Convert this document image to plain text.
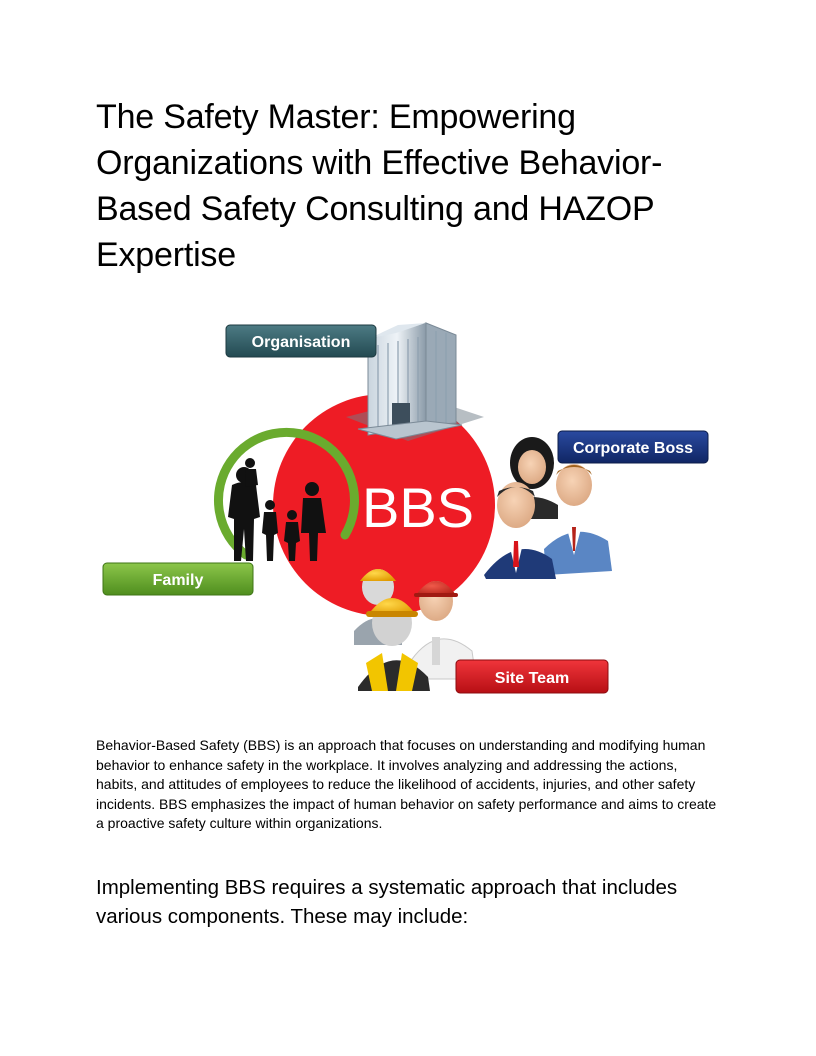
The Safety Master: Empowering Organizations with Effective Behavior-Based Safety Consulting and HAZOP Expertise
BBS
Organisation
Corporate Boss
Family
Site Team

Behavior-Based Safety (BBS) is an approach that focuses on understanding and modifying human behavior to enhance safety in the workplace. It involves analyzing and addressing the actions, habits, and attitudes of employees to reduce the likelihood of accidents, injuries, and other safety incidents. BBS emphasizes the impact of human behavior on safety performance and aims to create a proactive safety culture within organizations.

Implementing BBS requires a systematic approach that includes various components. These may include:
